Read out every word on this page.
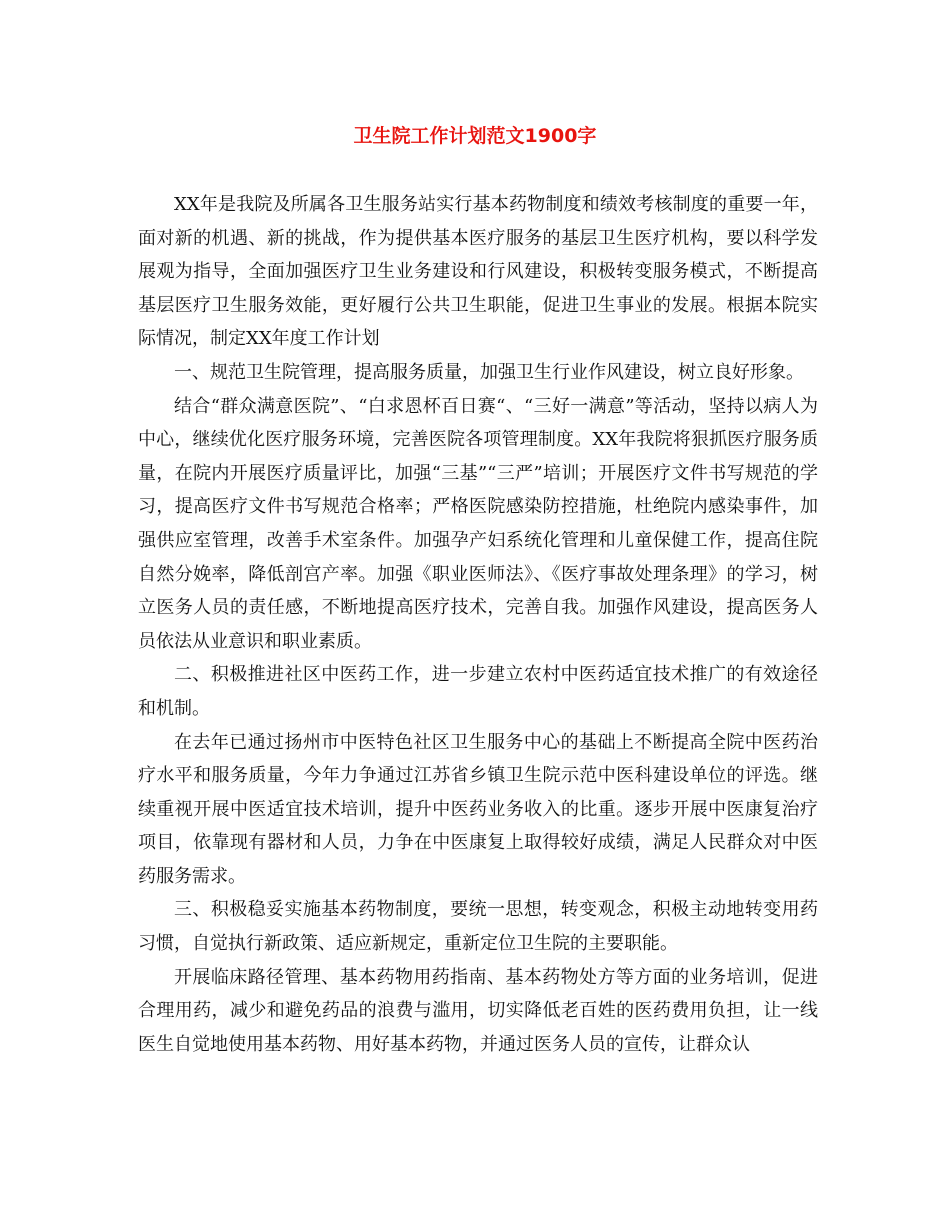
卫生院工作计划范文1900字

XX年是我院及所属各卫生服务站实行基本药物制度和绩效考核制度的重要一年，面对新的机遇、新的挑战，作为提供基本医疗服务的基层卫生医疗机构，要以科学发展观为指导，全面加强医疗卫生业务建设和行风建设，积极转变服务模式，不断提高基层医疗卫生服务效能，更好履行公共卫生职能，促进卫生事业的发展。根据本院实际情况，制定XX年度工作计划

一、规范卫生院管理，提高服务质量，加强卫生行业作风建设，树立良好形象。

结合“群众满意医院”、“白求恩杯百日赛“、“三好一满意”等活动，坚持以病人为中心，继续优化医疗服务环境，完善医院各项管理制度。XX年我院将狠抓医疗服务质量，在院内开展医疗质量评比，加强“三基”“三严”培训；开展医疗文件书写规范的学习，提高医疗文件书写规范合格率；严格医院感染防控措施，杜绝院内感染事件，加强供应室管理，改善手术室条件。加强孕产妇系统化管理和儿童保健工作，提高住院自然分娩率，降低剖宫产率。加强《职业医师法》、《医疗事故处理条理》的学习，树立医务人员的责任感，不断地提高医疗技术，完善自我。加强作风建设，提高医务人员依法从业意识和职业素质。

二、积极推进社区中医药工作，进一步建立农村中医药适宜技术推广的有效途径和机制。

在去年已通过扬州市中医特色社区卫生服务中心的基础上不断提高全院中医药治疗水平和服务质量，今年力争通过江苏省乡镇卫生院示范中医科建设单位的评选。继续重视开展中医适宜技术培训，提升中医药业务收入的比重。逐步开展中医康复治疗项目，依靠现有器材和人员，力争在中医康复上取得较好成绩，满足人民群众对中医药服务需求。

三、积极稳妥实施基本药物制度，要统一思想，转变观念，积极主动地转变用药习惯，自觉执行新政策、适应新规定，重新定位卫生院的主要职能。

开展临床路径管理、基本药物用药指南、基本药物处方等方面的业务培训，促进合理用药，减少和避免药品的浪费与滥用，切实降低老百姓的医药费用负担，让一线医生自觉地使用基本药物、用好基本药物，并通过医务人员的宣传，让群众认
